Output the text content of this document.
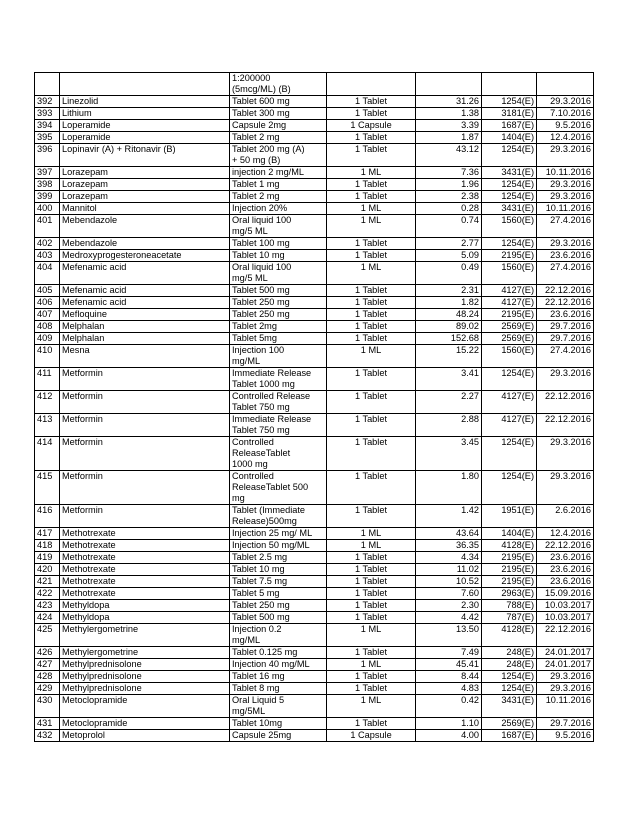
		1:200000
(5mcg/ML) (B)				
392	Linezolid	Tablet 600 mg	1 Tablet	31.26	1254(E)	29.3.2016
393	Lithium	Tablet 300 mg	1 Tablet	1.38	3181(E)	7.10.2016
394	Loperamide	Capsule 2mg	1 Capsule	3.39	1687(E)	9.5.2016
395	Loperamide	Tablet 2 mg	1 Tablet	1.87	1404(E)	12.4.2016
396	Lopinavir (A) + Ritonavir (B)	Tablet 200 mg (A)
+ 50 mg (B)	1 Tablet	43.12	1254(E)	29.3.2016
397	Lorazepam	injection 2 mg/ML	1 ML	7.36	3431(E)	10.11.2016
398	Lorazepam	Tablet 1 mg	1 Tablet	1.96	1254(E)	29.3.2016
399	Lorazepam	Tablet 2 mg	1 Tablet	2.38	1254(E)	29.3.2016
400	Mannitol	Injection 20%	1 ML	0.28	3431(E)	10.11.2016
401	Mebendazole	Oral liquid 100
mg/5 ML	1 ML	0.74	1560(E)	27.4.2016
402	Mebendazole	Tablet 100 mg	1 Tablet	2.77	1254(E)	29.3.2016
403	Medroxyprogesteroneacetate	Tablet 10 mg	1 Tablet	5.09	2195(E)	23.6.2016
404	Mefenamic acid	Oral liquid 100
mg/5 ML	1 ML	0.49	1560(E)	27.4.2016
405	Mefenamic acid	Tablet 500 mg	1 Tablet	2.31	4127(E)	22.12.2016
406	Mefenamic acid	Tablet 250 mg	1 Tablet	1.82	4127(E)	22.12.2016
407	Mefloquine	Tablet 250 mg	1 Tablet	48.24	2195(E)	23.6.2016
408	Melphalan	Tablet 2mg	1 Tablet	89.02	2569(E)	29.7.2016
409	Melphalan	Tablet 5mg	1 Tablet	152.68	2569(E)	29.7.2016
410	Mesna	Injection 100
mg/ML	1 ML	15.22	1560(E)	27.4.2016
411	Metformin	Immediate Release
Tablet 1000 mg	1 Tablet	3.41	1254(E)	29.3.2016
412	Metformin	Controlled Release
Tablet 750 mg	1 Tablet	2.27	4127(E)	22.12.2016
413	Metformin	Immediate Release
Tablet 750 mg	1 Tablet	2.88	4127(E)	22.12.2016
414	Metformin	Controlled
ReleaseTablet
1000 mg	1 Tablet	3.45	1254(E)	29.3.2016
415	Metformin	Controlled
ReleaseTablet 500
mg	1 Tablet	1.80	1254(E)	29.3.2016
416	Metformin	Tablet (Immediate
Release)500mg	1 Tablet	1.42	1951(E)	2.6.2016
417	Methotrexate	Injection 25 mg/ ML	1 ML	43.64	1404(E)	12.4.2016
418	Methotrexate	Injection 50 mg/ML	1 ML	36.35	4128(E)	22.12.2016
419	Methotrexate	Tablet 2.5 mg	1 Tablet	4.34	2195(E)	23.6.2016
420	Methotrexate	Tablet 10 mg	1 Tablet	11.02	2195(E)	23.6.2016
421	Methotrexate	Tablet 7.5 mg	1 Tablet	10.52	2195(E)	23.6.2016
422	Methotrexate	Tablet 5 mg	1 Tablet	7.60	2963(E)	15.09.2016
423	Methyldopa	Tablet 250 mg	1 Tablet	2.30	788(E)	10.03.2017
424	Methyldopa	Tablet 500 mg	1 Tablet	4.42	787(E)	10.03.2017
425	Methylergometrine	Injection 0.2
mg/ML	1 ML	13.50	4128(E)	22.12.2016
426	Methylergometrine	Tablet 0.125 mg	1 Tablet	7.49	248(E)	24.01.2017
427	Methylprednisolone	Injection 40 mg/ML	1 ML	45.41	248(E)	24.01.2017
428	Methylprednisolone	Tablet 16 mg	1 Tablet	8.44	1254(E)	29.3.2016
429	Methylprednisolone	Tablet 8 mg	1 Tablet	4.83	1254(E)	29.3.2016
430	Metoclopramide	Oral Liquid 5
mg/5ML	1 ML	0.42	3431(E)	10.11.2016
431	Metoclopramide	Tablet 10mg	1 Tablet	1.10	2569(E)	29.7.2016
432	Metoprolol	Capsule 25mg	1 Capsule	4.00	1687(E)	9.5.2016
